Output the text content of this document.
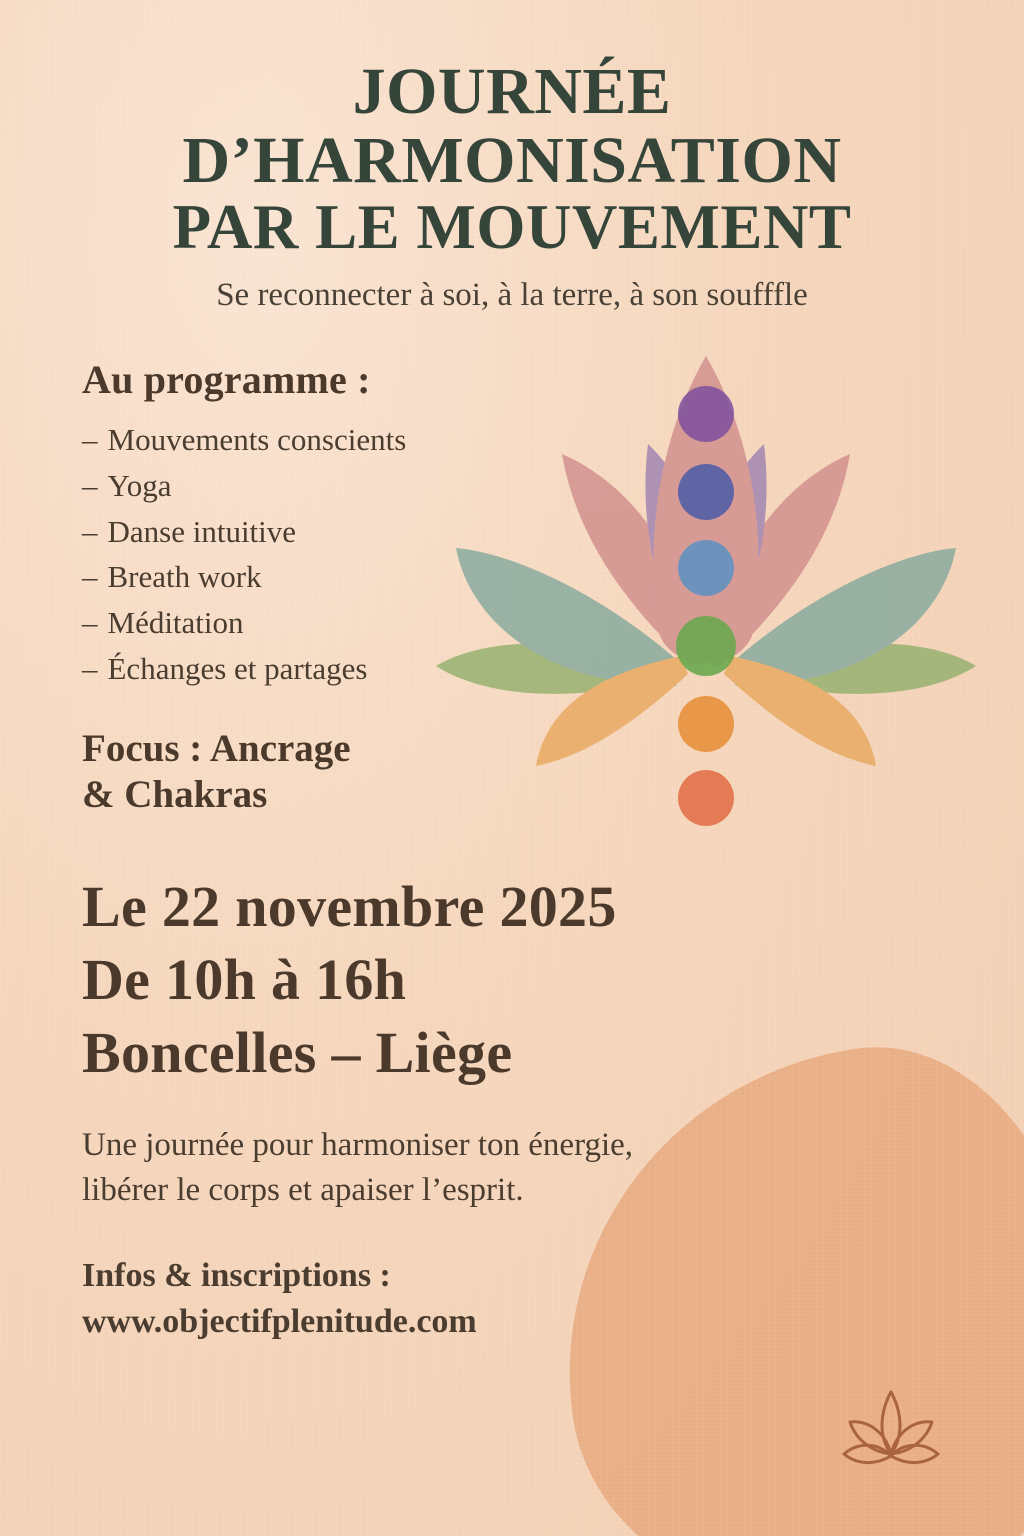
JOURNÉE
D’HARMONISATION
PAR LE MOUVEMENT

Se reconnecter à soi, à la terre, à son soufffle

Au programme :
– Mouvements conscients
– Yoga
– Danse intuitive
– Breath work
– Méditation
– Échanges et partages
Focus : Ancrage
& Chakras
Le 22 novembre 2025
De 10h à 16h
Boncelles – Liège
Une journée pour harmoniser ton énergie,
libérer le corps et apaiser l’esprit.
Infos & inscriptions :
www.objectifplenitude.com
